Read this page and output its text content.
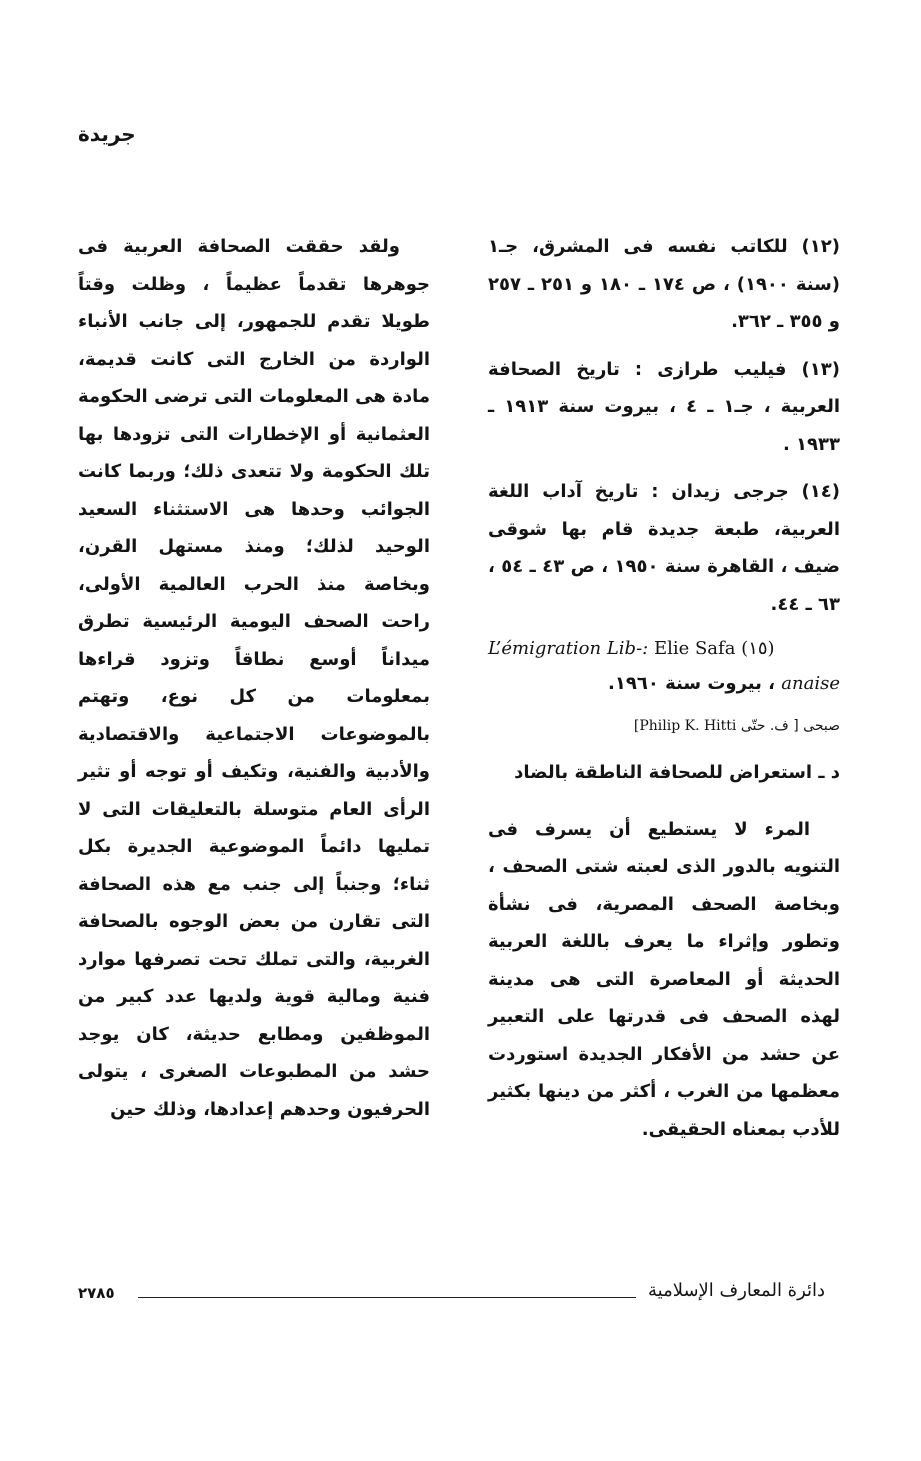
جريدة

(١٢) للكاتب نفسه فى المشرق، جـ١ (سنة ١٩٠٠) ، ص ١٧٤ ـ ١٨٠ و ٢٥١ ـ ٢٥٧ و ٣٥٥ ـ ٣٦٢.

(١٣) فيليب طرازى : تاريخ الصحافة العربية ، جـ١ ـ ٤ ، بيروت سنة ١٩١٣ ـ ١٩٣٣ .

(١٤) جرجى زيدان : تاريخ آداب اللغة العربية، طبعة جديدة قام بها شوقى ضيف ، القاهرة سنة ١٩٥٠ ، ص ٤٣ ـ ٥٤ ، ٦٣ ـ ٤٤.

L’émigration Lib-: Elie Safa (١٥)

anaise ، بيروت سنة ١٩٦٠.

صبحى [ ف. حتّى Philip K. Hitti]

د ـ استعراض للصحافة الناطقة بالضاد

المرء لا يستطيع أن يسرف فى التنويه بالدور الذى لعبته شتى الصحف ، وبخاصة الصحف المصرية، فى نشأة وتطور وإثراء ما يعرف باللغة العربية الحديثة أو المعاصرة التى هى مدينة لهذه الصحف فى قدرتها على التعبير عن حشد من الأفكار الجديدة استوردت معظمها من الغرب ، أكثر من دينها بكثير للأدب بمعناه الحقيقى.

ولقد حققت الصحافة العربية فى جوهرها تقدماً عظيماً ، وظلت وقتاً طويلا تقدم للجمهور، إلى جانب الأنباء الواردة من الخارج التى كانت قديمة، مادة هى المعلومات التى ترضى الحكومة العثمانية أو الإخطارات التى تزودها بها تلك الحكومة ولا تتعدى ذلك؛ وربما كانت الجوائب وحدها هى الاستثناء السعيد الوحيد لذلك؛ ومنذ مستهل القرن، وبخاصة منذ الحرب العالمية الأولى، راحت الصحف اليومية الرئيسية تطرق ميداناً أوسع نطاقاً وتزود قراءها بمعلومات من كل نوع، وتهتم بالموضوعات الاجتماعية والاقتصادية والأدبية والفنية، وتكيف أو توجه أو تثير الرأى العام متوسلة بالتعليقات التى لا تمليها دائماً الموضوعية الجديرة بكل ثناء؛ وجنباً إلى جنب مع هذه الصحافة التى تقارن من بعض الوجوه بالصحافة الغربية، والتى تملك تحت تصرفها موارد فنية ومالية قوية ولديها عدد كبير من الموظفين ومطابع حديثة، كان يوجد حشد من المطبوعات الصغرى ، يتولى الحرفيون وحدهم إعدادها، وذلك حين

دائرة المعارف الإسلامية
٢٧٨٥
